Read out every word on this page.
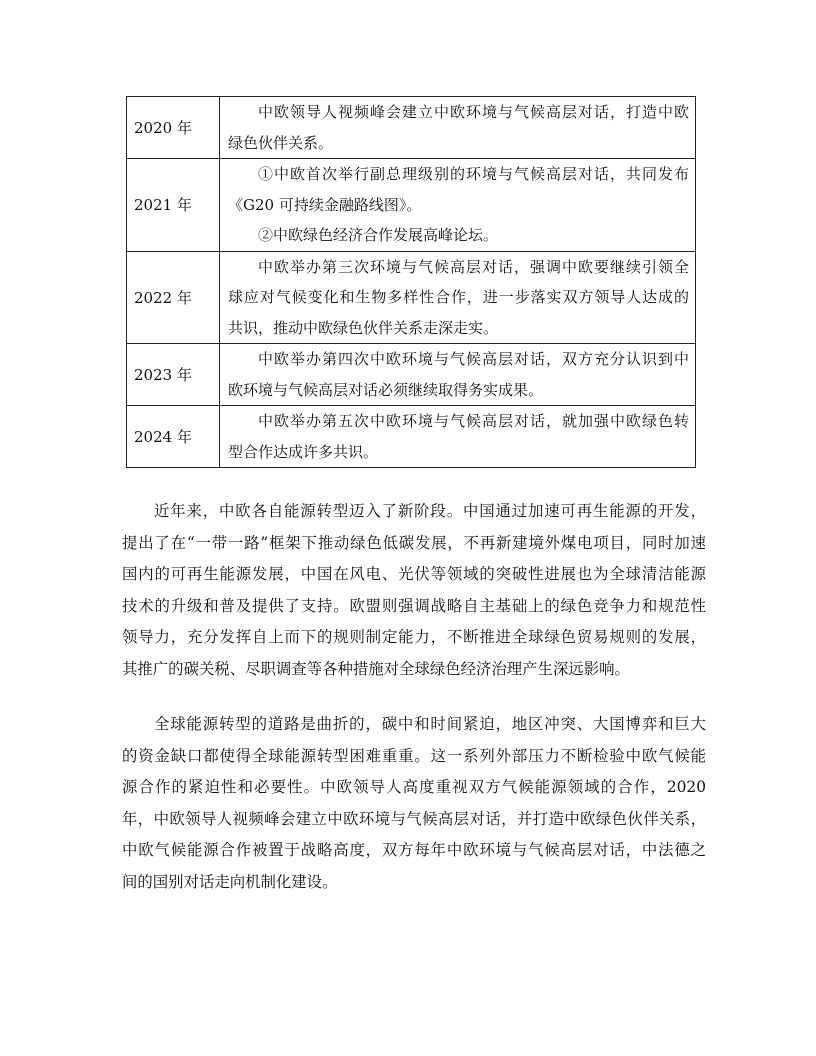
2020 年	中欧领导人视频峰会建立中欧环境与气候高层对话，打造中欧
绿色伙伴关系。

2021 年	①中欧首次举行副总理级别的环境与气候高层对话，共同发布
《G20 可持续金融路线图》。
②中欧绿色经济合作发展高峰论坛。

2022 年	中欧举办第三次环境与气候高层对话，强调中欧要继续引领全
球应对气候变化和生物多样性合作，进一步落实双方领导人达成的
共识，推动中欧绿色伙伴关系走深走实。

2023 年	中欧举办第四次中欧环境与气候高层对话，双方充分认识到中
欧环境与气候高层对话必须继续取得务实成果。

2024 年	中欧举办第五次中欧环境与气候高层对话，就加强中欧绿色转
型合作达成许多共识。
近年来，中欧各自能源转型迈入了新阶段。中国通过加速可再生能源的开发，
提出了在“一带一路”框架下推动绿色低碳发展，不再新建境外煤电项目，同时加速
国内的可再生能源发展，中国在风电、光伏等领域的突破性进展也为全球清洁能源
技术的升级和普及提供了支持。欧盟则强调战略自主基础上的绿色竞争力和规范性
领导力，充分发挥自上而下的规则制定能力，不断推进全球绿色贸易规则的发展，
其推广的碳关税、尽职调查等各种措施对全球绿色经济治理产生深远影响。
全球能源转型的道路是曲折的，碳中和时间紧迫，地区冲突、大国博弈和巨大
的资金缺口都使得全球能源转型困难重重。这一系列外部压力不断检验中欧气候能
源合作的紧迫性和必要性。中欧领导人高度重视双方气候能源领域的合作，2020
年，中欧领导人视频峰会建立中欧环境与气候高层对话，并打造中欧绿色伙伴关系，
中欧气候能源合作被置于战略高度，双方每年中欧环境与气候高层对话，中法德之
间的国别对话走向机制化建设。
